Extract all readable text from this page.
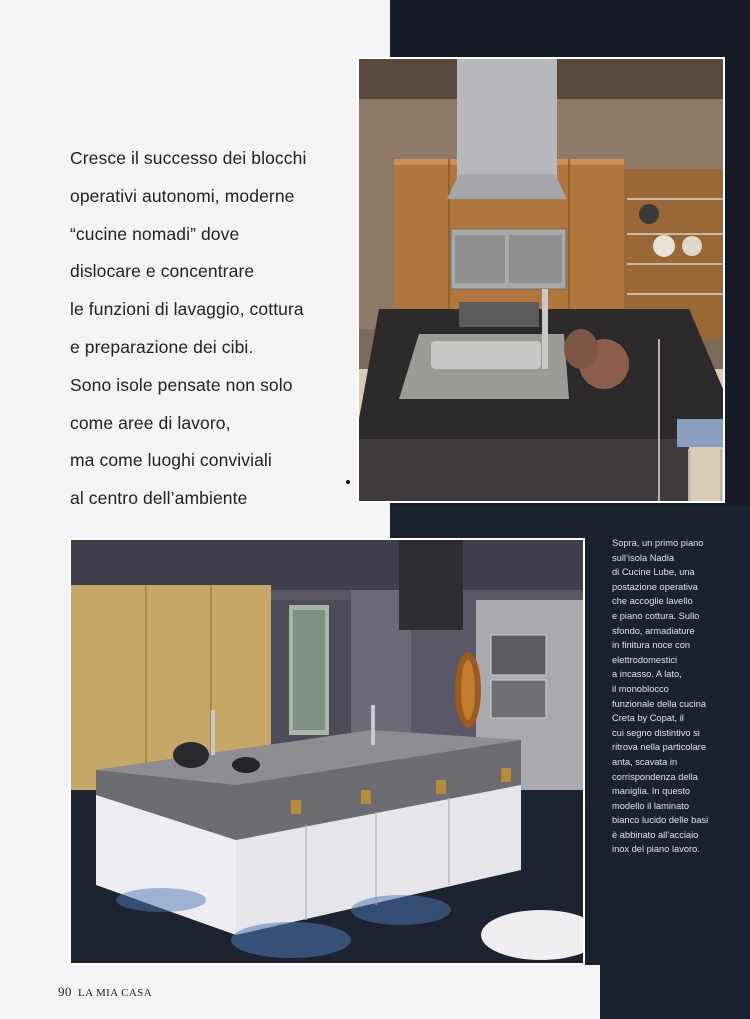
Cresce il successo dei blocchi
operativi autonomi, moderne
“cucine nomadi” dove
dislocare e concentrare
le funzioni di lavaggio, cottura
e preparazione dei cibi.
Sono isole pensate non solo
come aree di lavoro,
ma come luoghi conviviali
al centro dell’ambiente
Sopra, un primo piano
sull’isola Nadia
di Cucine Lube, una
postazione operativa
che accoglie lavello
e piano cottura. Sullo
sfondo, armadiature
in finitura noce con
elettrodomestici
a incasso. A lato,
il monoblocco
funzionale della cucina
Creta by Copat, il
cui segno distintivo si
ritrova nella particolare
anta, scavata in
corrispondenza della
maniglia. In questo
modello il laminato
bianco lucido delle basi
è abbinato all’acciaio
inox del piano lavoro.
90 LA MIA CASA
